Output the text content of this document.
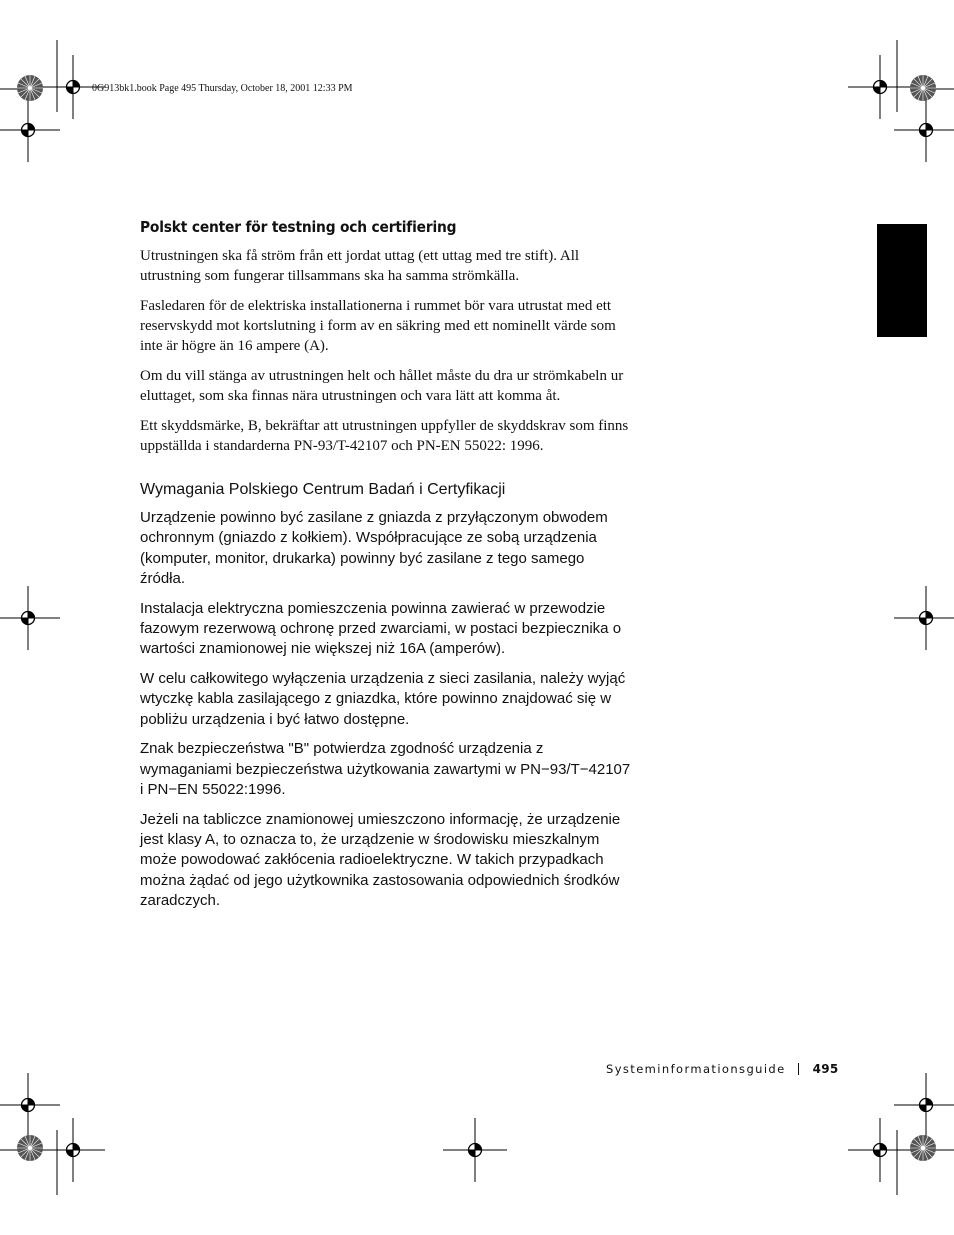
0G913bk1.book Page 495 Thursday, October 18, 2001 12:33 PM
Polskt center för testning och certifiering

Utrustningen ska få ström från ett jordat uttag (ett uttag med tre stift). All utrustning som fungerar tillsammans ska ha samma strömkälla.

Fasledaren för de elektriska installationerna i rummet bör vara utrustat med ett reservskydd mot kortslutning i form av en säkring med ett nominellt värde som inte är högre än 16 ampere (A).

Om du vill stänga av utrustningen helt och hållet måste du dra ur strömkabeln ur eluttaget, som ska finnas nära utrustningen och vara lätt att komma åt.

Ett skyddsmärke, B, bekräftar att utrustningen uppfyller de skyddskrav som finns uppställda i standarderna PN-93/T-42107 och PN-EN 55022: 1996.

Wymagania Polskiego Centrum Badań i Certyfikacji

Urządzenie powinno być zasilane z gniazda z przyłączonym obwodem ochronnym (gniazdo z kołkiem). Współpracujące ze sobą urządzenia (komputer, monitor, drukarka) powinny być zasilane z tego samego źródła.

Instalacja elektryczna pomieszczenia powinna zawierać w przewodzie fazowym rezerwową ochronę przed zwarciami, w postaci bezpiecznika o wartości znamionowej nie większej niż 16A (amperów).

W celu całkowitego wyłączenia urządzenia z sieci zasilania, należy wyjąć wtyczkę kabla zasilającego z gniazdka, które powinno znajdować się w pobliżu urządzenia i być łatwo dostępne.

Znak bezpieczeństwa "B" potwierdza zgodność urządzenia z wymaganiami bezpieczeństwa użytkowania zawartymi w PN−93/T−42107 i PN−EN 55022:1996.

Jeżeli na tabliczce znamionowej umieszczono informację, że urządzenie jest klasy A, to oznacza to, że urządzenie w środowisku mieszkalnym może powodować zakłócenia radioelektryczne. W takich przypadkach można żądać od jego użytkownika zastosowania odpowiednich środków zaradczych.

Systeminformationsguide 495
